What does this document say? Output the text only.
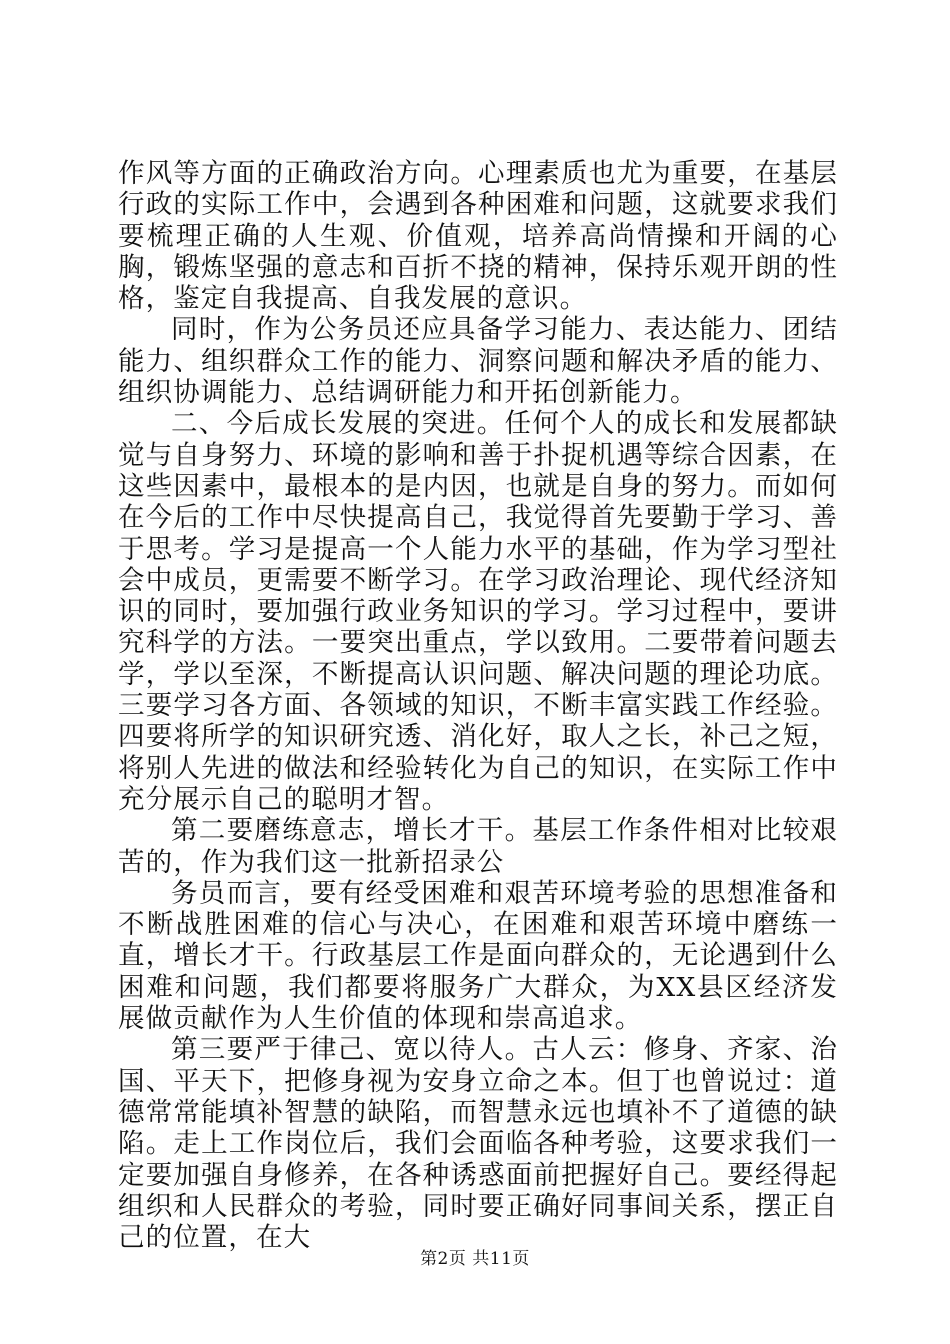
作风等方面的正确政治方向。心理素质也尤为重要，在基层行政的实际工作中，会遇到各种困难和问题，这就要求我们要梳理正确的人生观、价值观，培养高尚情操和开阔的心胸，锻炼坚强的意志和百折不挠的精神，保持乐观开朗的性格，鉴定自我提高、自我发展的意识。

同时，作为公务员还应具备学习能力、表达能力、团结能力、组织群众工作的能力、洞察问题和解决矛盾的能力、组织协调能力、总结调研能力和开拓创新能力。

二、今后成长发展的突进。任何个人的成长和发展都缺觉与自身努力、环境的影响和善于扑捉机遇等综合因素，在这些因素中，最根本的是内因，也就是自身的努力。而如何在今后的工作中尽快提高自己，我觉得首先要勤于学习、善于思考。学习是提高一个人能力水平的基础，作为学习型社会中成员，更需要不断学习。在学习政治理论、现代经济知识的同时，要加强行政业务知识的学习。学习过程中，要讲究科学的方法。一要突出重点，学以致用。二要带着问题去学，学以至深，不断提高认识问题、解决问题的理论功底。三要学习各方面、各领域的知识，不断丰富实践工作经验。四要将所学的知识研究透、消化好，取人之长，补己之短，将别人先进的做法和经验转化为自己的知识，在实际工作中充分展示自己的聪明才智。

第二要磨练意志，增长才干。基层工作条件相对比较艰苦的，作为我们这一批新招录公

务员而言，要有经受困难和艰苦环境考验的思想准备和不断战胜困难的信心与决心，在困难和艰苦环境中磨练一直，增长才干。行政基层工作是面向群众的，无论遇到什么困难和问题，我们都要将服务广大群众，为XX县区经济发展做贡献作为人生价值的体现和崇高追求。

第三要严于律己、宽以待人。古人云：修身、齐家、治国、平天下，把修身视为安身立命之本。但丁也曾说过：道德常常能填补智慧的缺陷，而智慧永远也填补不了道德的缺陷。走上工作岗位后，我们会面临各种考验，这要求我们一定要加强自身修养，在各种诱惑面前把握好自己。要经得起组织和人民群众的考验，同时要正确好同事间关系，摆正自己的位置，在大

第2页 共11页
